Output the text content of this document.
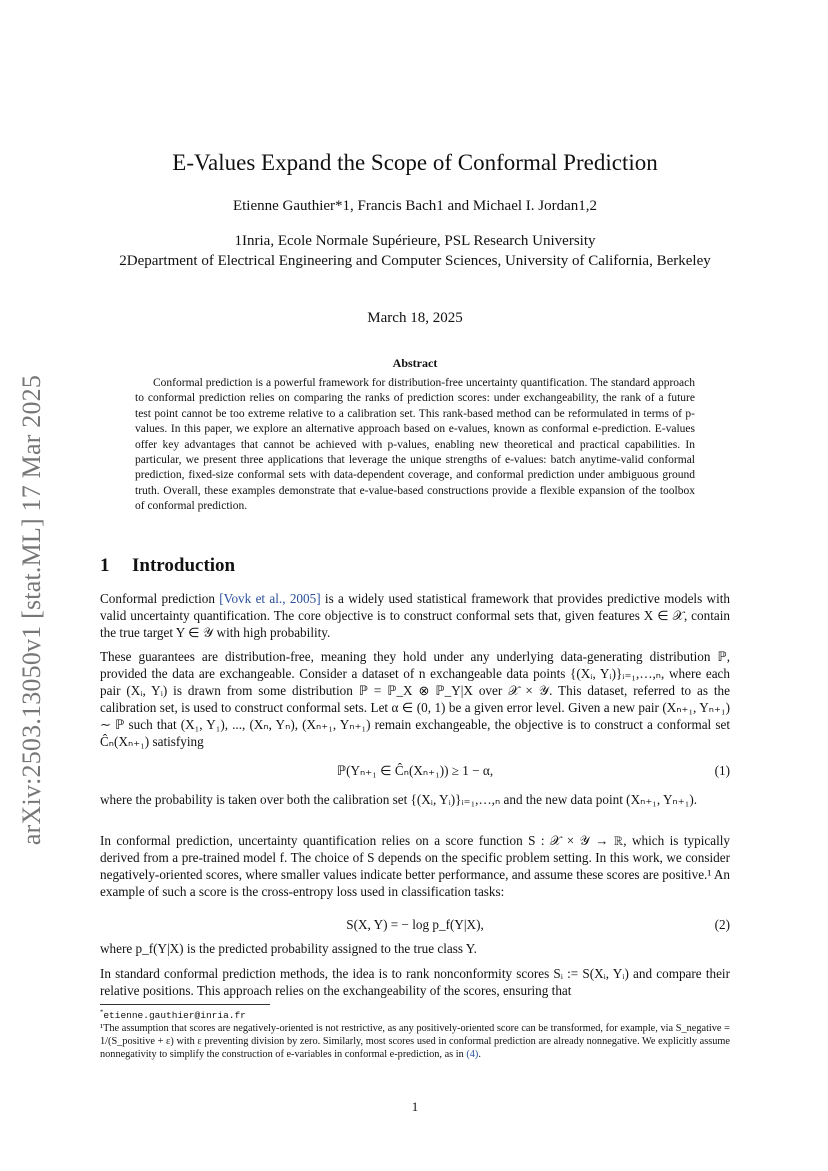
arXiv:2503.13050v1 [stat.ML] 17 Mar 2025
E-Values Expand the Scope of Conformal Prediction
Etienne Gauthier*1, Francis Bach1 and Michael I. Jordan1,2
1Inria, Ecole Normale Supérieure, PSL Research University
2Department of Electrical Engineering and Computer Sciences, University of California, Berkeley
March 18, 2025
Abstract
Conformal prediction is a powerful framework for distribution-free uncertainty quantification. The standard approach to conformal prediction relies on comparing the ranks of prediction scores: under exchangeability, the rank of a future test point cannot be too extreme relative to a calibration set. This rank-based method can be reformulated in terms of p-values. In this paper, we explore an alternative approach based on e-values, known as conformal e-prediction. E-values offer key advantages that cannot be achieved with p-values, enabling new theoretical and practical capabilities. In particular, we present three applications that leverage the unique strengths of e-values: batch anytime-valid conformal prediction, fixed-size conformal sets with data-dependent coverage, and conformal prediction under ambiguous ground truth. Overall, these examples demonstrate that e-value-based constructions provide a flexible expansion of the toolbox of conformal prediction.
1 Introduction
Conformal prediction [Vovk et al., 2005] is a widely used statistical framework that provides predictive models with valid uncertainty quantification. The core objective is to construct conformal sets that, given features X ∈ 𝒳, contain the true target Y ∈ 𝒴 with high probability.
These guarantees are distribution-free, meaning they hold under any underlying data-generating distribution ℙ, provided the data are exchangeable. Consider a dataset of n exchangeable data points {(Xᵢ, Yᵢ)}ᵢ₌₁,…,ₙ, where each pair (Xᵢ, Yᵢ) is drawn from some distribution ℙ = ℙ_X ⊗ ℙ_Y|X over 𝒳 × 𝒴. This dataset, referred to as the calibration set, is used to construct conformal sets. Let α ∈ (0, 1) be a given error level. Given a new pair (Xₙ₊₁, Yₙ₊₁) ∼ ℙ such that (X₁, Y₁), ..., (Xₙ, Yₙ), (Xₙ₊₁, Yₙ₊₁) remain exchangeable, the objective is to construct a conformal set Ĉₙ(Xₙ₊₁) satisfying
ℙ(Yₙ₊₁ ∈ Ĉₙ(Xₙ₊₁)) ≥ 1 − α,	(1)
where the probability is taken over both the calibration set {(Xᵢ, Yᵢ)}ᵢ₌₁,…,ₙ and the new data point (Xₙ₊₁, Yₙ₊₁).
In conformal prediction, uncertainty quantification relies on a score function S : 𝒳 × 𝒴 → ℝ, which is typically derived from a pre-trained model f. The choice of S depends on the specific problem setting. In this work, we consider negatively-oriented scores, where smaller values indicate better performance, and assume these scores are positive.¹ An example of such a score is the cross-entropy loss used in classification tasks:
S(X, Y) = − log p_f(Y|X),	(2)
where p_f(Y|X) is the predicted probability assigned to the true class Y.
In standard conformal prediction methods, the idea is to rank nonconformity scores Sᵢ := S(Xᵢ, Yᵢ) and compare their relative positions. This approach relies on the exchangeability of the scores, ensuring that
*etienne.gauthier@inria.fr
¹The assumption that scores are negatively-oriented is not restrictive, as any positively-oriented score can be transformed, for example, via S_negative = 1/(S_positive + ε) with ε preventing division by zero. Similarly, most scores used in conformal prediction are already nonnegative. We explicitly assume nonnegativity to simplify the construction of e-variables in conformal e-prediction, as in (4).
1
